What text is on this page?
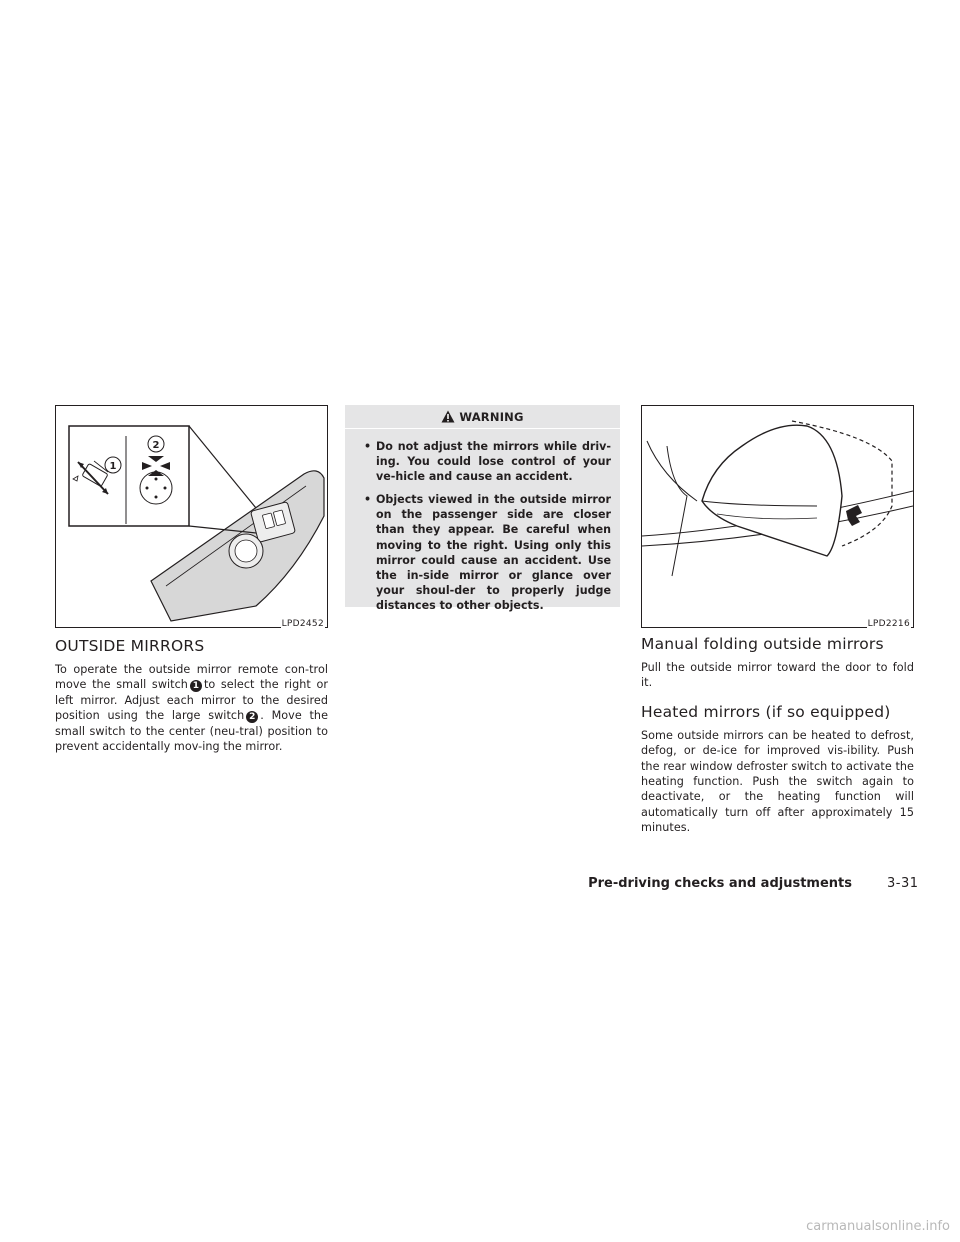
1
2
LPD2452
OUTSIDE MIRRORS

To operate the outside mirror remote con-trol move the small switch 1 to select the right or left mirror. Adjust each mirror to the desired position using the large switch 2 . Move the small switch to the center (neu-tral) position to prevent accidentally mov-ing the mirror.

WARNING
• Do not adjust the mirrors while driv-ing. You could lose control of your ve-hicle and cause an accident.
• Objects viewed in the outside mirror on the passenger side are closer than they appear. Be careful when moving to the right. Using only this mirror could cause an accident. Use the in-side mirror or glance over your shoul-der to properly judge distances to other objects.
LPD2216
Manual folding outside mirrors

Pull the outside mirror toward the door to fold it.

Heated mirrors (if so equipped)

Some outside mirrors can be heated to defrost, defog, or de-ice for improved vis-ibility. Push the rear window defroster switch to activate the heating function. Push the switch again to deactivate, or the heating function will automatically turn off after approximately 15 minutes.

Pre-driving checks and adjustments	3-31
carmanualsonline.info
